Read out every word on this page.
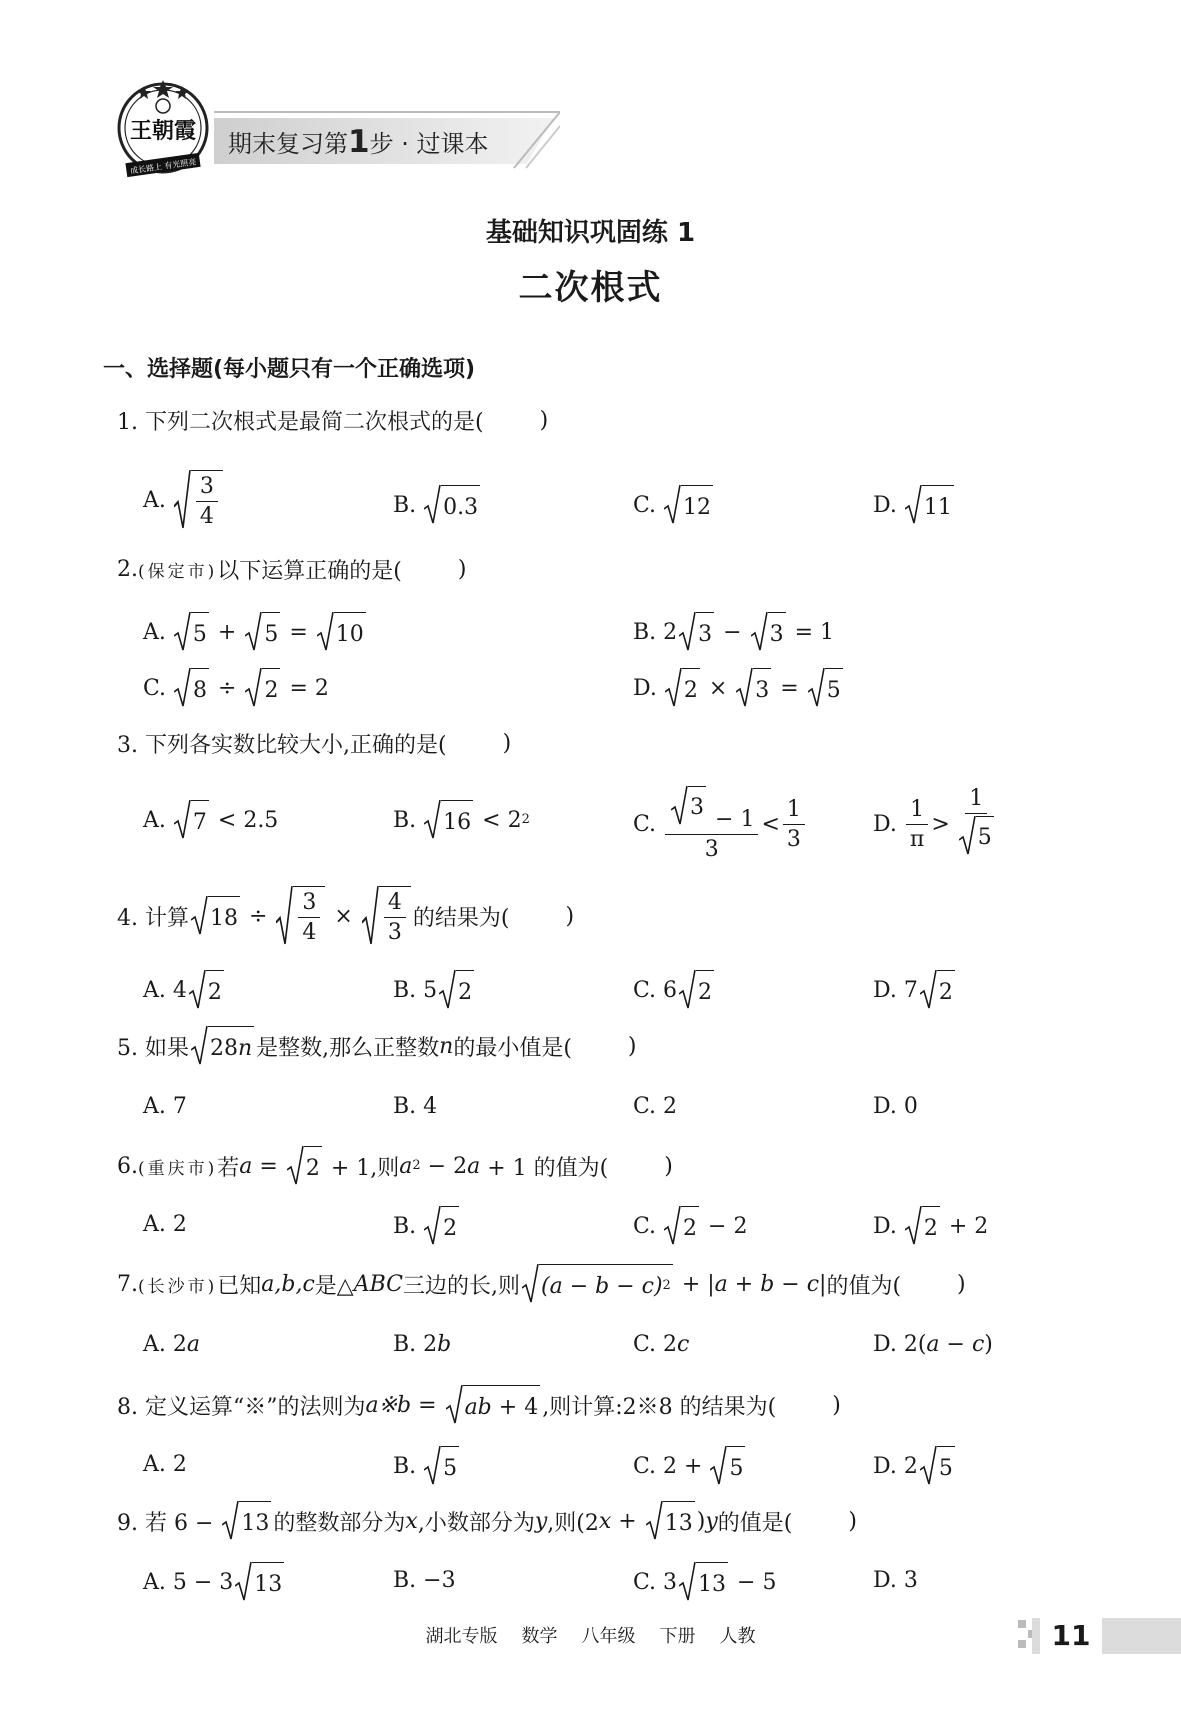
王朝霞
成长路上 有光照亮
期末复习第1步 · 过课本
基础知识巩固练 1
二次根式
一、选择题(每小题只有一个正确选项)
1. 下列二次根式是最简二次根式的是(	)
A.
3
4	B. 0.3	C. 12	D. 11
2. (保定市) 以下运算正确的是(	)
A. 5
+
5
=
10	B. 2 3
−
3
= 1
C. 8
÷
2
= 2	D. 2
×
3
=
5
3. 下列各实数比较大小,正确的是(	)
A. 7
< 2.5	B. 16
< 2 2	C.
3 − 1
3
<
1
3
D.
1
π
>
1
5
4. 计算 18
÷

3
4

×

4
3
的结果为(	)
A. 4 2	B. 5 2	C. 6 2	D. 7 2
5. 如果 28 n 是整数,那么正整数 n 的最小值是(	)
A. 7	B. 4	C. 2	D. 0
6. (重庆市) 若 a
=
2
+ 1,则 a 2
− 2 a
+ 1 的值为(	)
A. 2	B. 2	C. 2
− 2	D. 2
+ 2
7. (长沙市) 已知 a,b,c 是△ ABC 三边的长,则 (a − b − c) 2
+ |a + b − c| 的值为(	)
A. 2 a	B. 2 b	C. 2 c	D. 2( a − c )
8. 定义运算“※”的法则为 a※b
=
ab
+ 4 ,则计算:2※8 的结果为(	)
A. 2	B. 5	C. 2 + 5	D. 2 5
9. 若 6 −
13 的整数部分为 x ,小数部分为 y ,则(2 x
+
13 ) y 的值是(	)
A. 5 − 3 13	B. −3	C. 3 13
− 5	D. 3
湖北专版 数学 八年级 下册 人教	11
